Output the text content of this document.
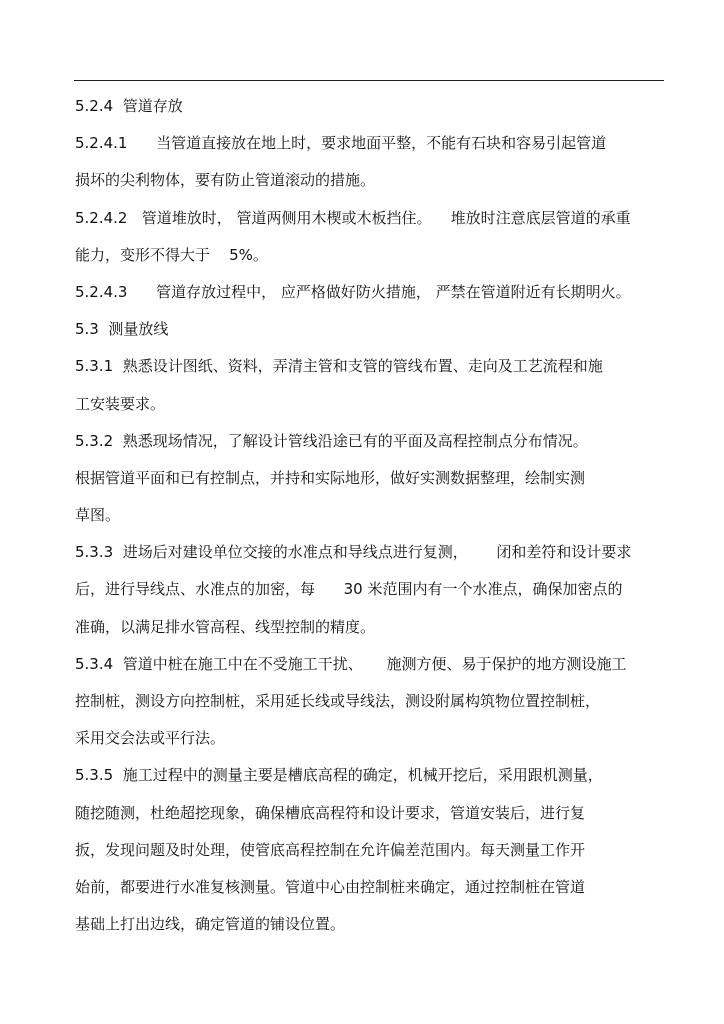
5.2.4  管道存放
5.2.4.1      当管道直接放在地上时，要求地面平整，不能有石块和容易引起管道
损坏的尖利物体，要有防止管道滚动的措施。
5.2.4.2   管道堆放时， 管道两侧用木楔或木板挡住。    堆放时注意底层管道的承重
能力，变形不得大于    5%。
5.2.4.3      管道存放过程中， 应严格做好防火措施， 严禁在管道附近有长期明火。
5.3  测量放线
5.3.1  熟悉设计图纸、资料，弄清主管和支管的管线布置、走向及工艺流程和施
工安装要求。
5.3.2  熟悉现场情况，了解设计管线沿途已有的平面及高程控制点分布情况。
根据管道平面和已有控制点，并持和实际地形，做好实测数据整理，绘制实测
草图。
5.3.3  进场后对建设单位交接的水准点和导线点进行复测，      闭和差符和设计要求
后，进行导线点、水准点的加密，每      30 米范围内有一个水准点，确保加密点的
准确，以满足排水管高程、线型控制的精度。
5.3.4  管道中桩在施工中在不受施工干扰、     施测方便、易于保护的地方测设施工
控制桩，测设方向控制桩，采用延长线或导线法，测设附属构筑物位置控制桩，
采用交会法或平行法。
5.3.5  施工过程中的测量主要是槽底高程的确定，机械开挖后，采用跟机测量，
随挖随测，杜绝超挖现象，确保槽底高程符和设计要求，管道安装后，进行复
扳，发现问题及时处理，使管底高程控制在允许偏差范围内。每天测量工作开
始前，都要进行水准复核测量。管道中心由控制桩来确定，通过控制桩在管道
基础上打出边线，确定管道的铺设位置。
